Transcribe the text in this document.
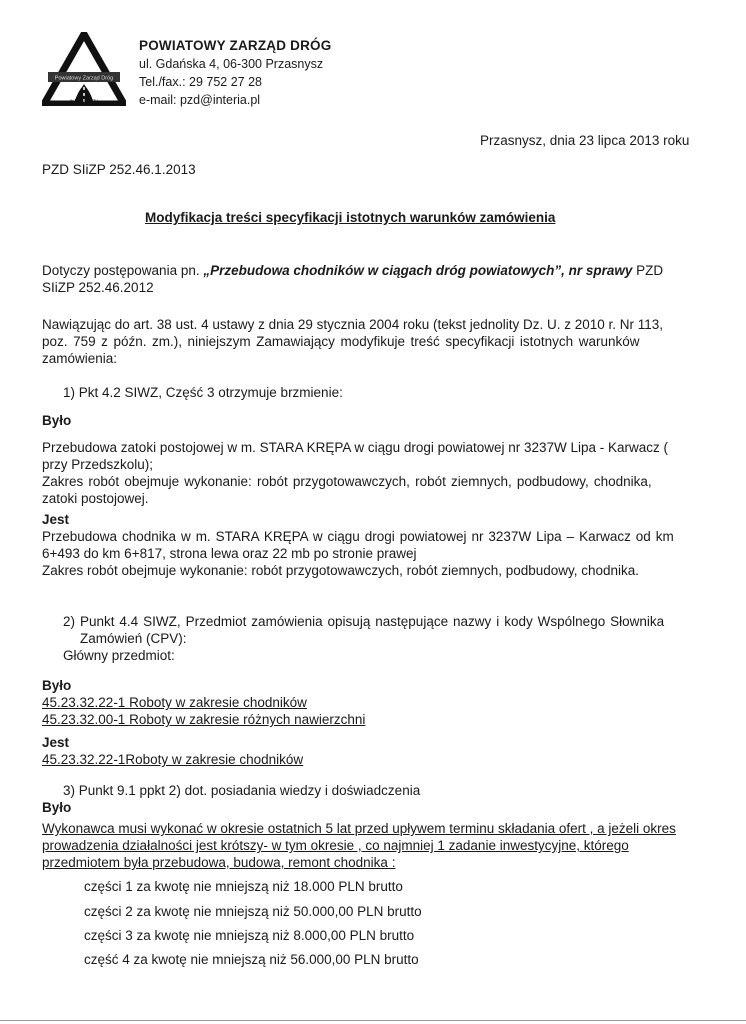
Powiatowy Zarząd Dróg
w Przasnyszu
POWIATOWY ZARZĄD DRÓG
ul. Gdańska 4, 06-300 Przasnysz
Tel./fax.: 29 752 27 28
e-mail: pzd@interia.pl
Przasnysz, dnia 23 lipca 2013 roku
PZD SIiZP 252.46.1.2013
Modyfikacja treści specyfikacji istotnych warunków zamówienia
Dotyczy postępowania pn. „Przebudowa chodników w ciągach dróg powiatowych”, nr sprawy PZD
SIiZP 252.46.2012
Nawiązując do art. 38 ust. 4 ustawy z dnia 29 stycznia 2004 roku (tekst jednolity Dz. U. z 2010 r. Nr 113,
poz. 759 z późn. zm.), niniejszym Zamawiający modyfikuje treść specyfikacji istotnych warunków
zamówienia:
1) Pkt 4.2 SIWZ, Część 3 otrzymuje brzmienie:
Było
Przebudowa zatoki postojowej w m. STARA KRĘPA w ciągu drogi powiatowej nr 3237W Lipa - Karwacz (
przy Przedszkolu);
Zakres robót obejmuje wykonanie: robót przygotowawczych, robót ziemnych, podbudowy, chodnika,
zatoki postojowej.
Jest
Przebudowa chodnika w m. STARA KRĘPA w ciągu drogi powiatowej nr 3237W Lipa – Karwacz od km
6+493 do km 6+817, strona lewa oraz 22 mb po stronie prawej
Zakres robót obejmuje wykonanie: robót przygotowawczych, robót ziemnych, podbudowy, chodnika.
2) Punkt 4.4 SIWZ, Przedmiot zamówienia opisują następujące nazwy i kody Wspólnego Słownika
Zamówień (CPV):
Główny przedmiot:
Było
45.23.32.22-1 Roboty w zakresie chodników
45.23.32.00-1 Roboty w zakresie różnych nawierzchni
Jest
45.23.32.22-1Roboty w zakresie chodników
3) Punkt 9.1 ppkt 2) dot. posiadania wiedzy i doświadczenia
Było
Wykonawca musi wykonać w okresie ostatnich 5 lat przed upływem terminu składania ofert , a jeżeli okres
prowadzenia działalności jest krótszy- w tym okresie , co najmniej 1 zadanie inwestycyjne, którego
przedmiotem była przebudowa, budowa, remont chodnika :
części 1 za kwotę nie mniejszą niż 18.000 PLN brutto
części 2 za kwotę nie mniejszą niż 50.000,00 PLN brutto
części 3 za kwotę nie mniejszą niż 8.000,00 PLN brutto
część 4 za kwotę nie mniejszą niż 56.000,00 PLN brutto
